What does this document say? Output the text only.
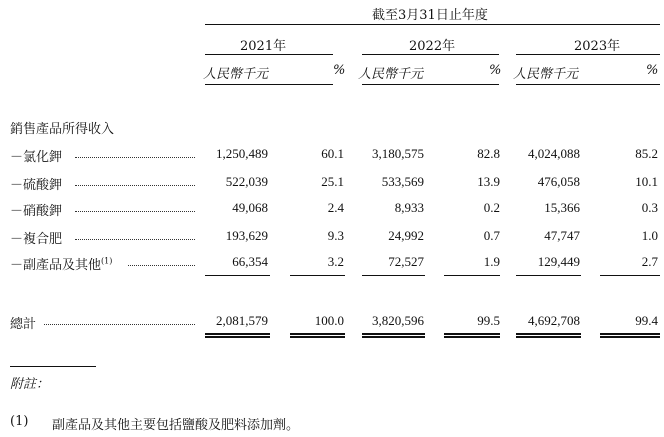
截至3月31日止年度
2021年	2022年	2023年
人民幣千元	% 人民幣千元	% 人民幣千元	%
銷售產品所得收入
－氯化鉀	1,250,489	60.1	3,180,575	82.8	4,024,088	85.2
－硫酸鉀	522,039	25.1	533,569	13.9	476,058	10.1
－硝酸鉀	49,068	2.4	8,933	0.2	15,366	0.3
－複合肥	193,629	9.3	24,992	0.7	47,747	1.0
－副產品及其他$^{(1)}$	66,354	3.2	72,527	1.9	129,449	2.7
總計	2,081,579	100.0	3,820,596	99.5	4,692,708	99.4
附註：
(1) 副產品及其他主要包括鹽酸及肥料添加劑。
